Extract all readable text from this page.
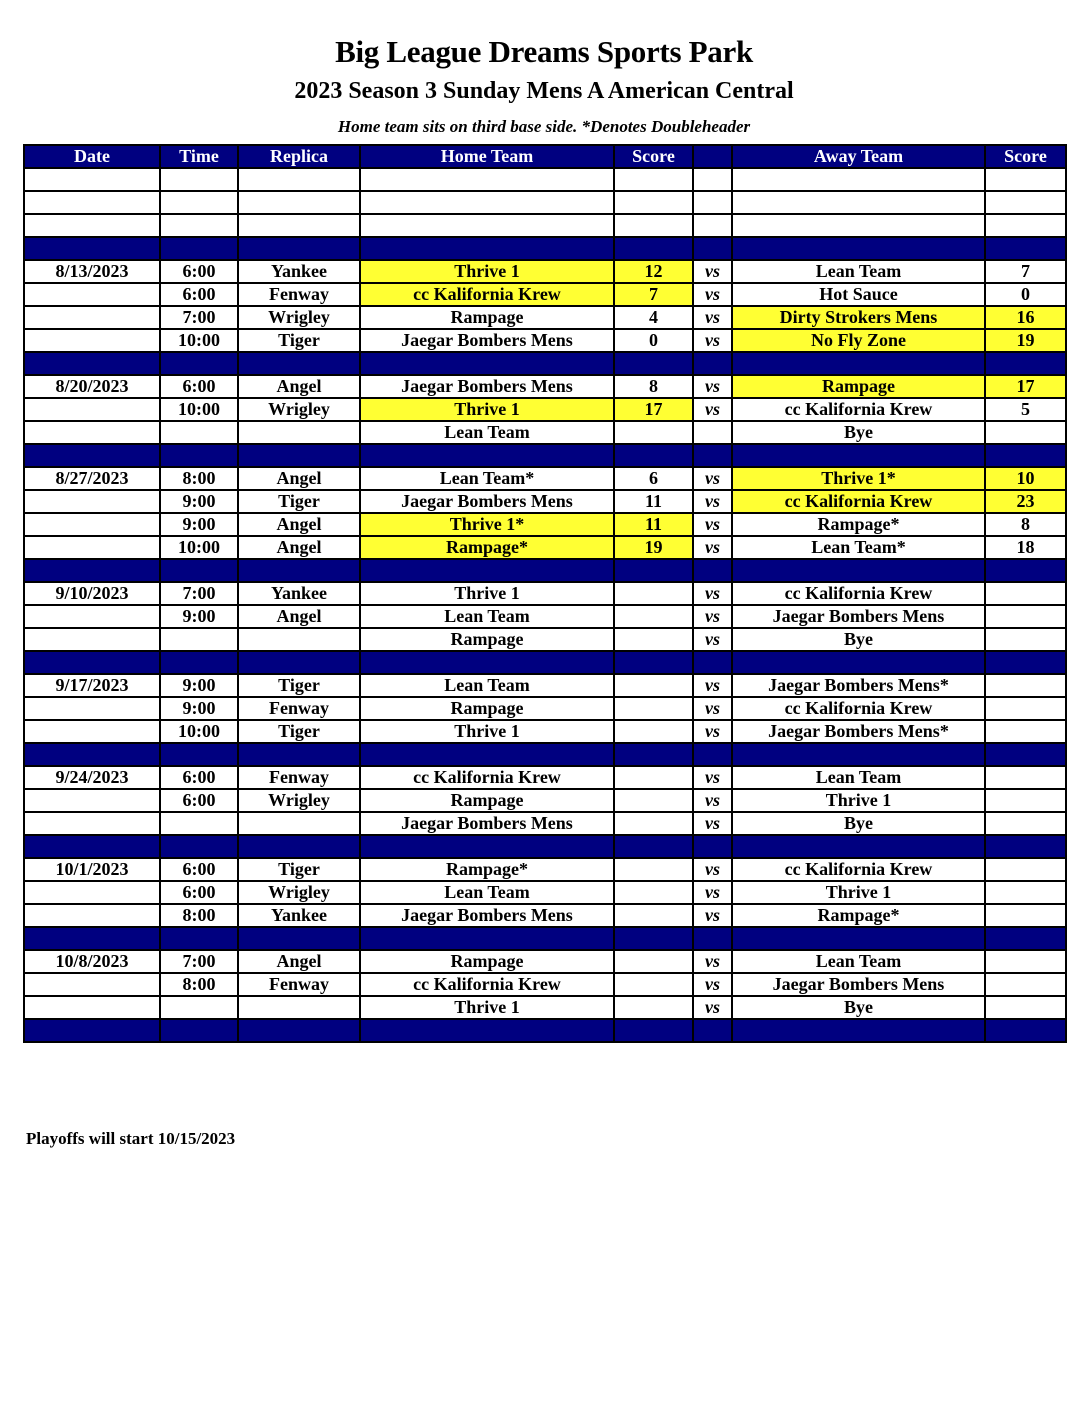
Big League Dreams Sports Park
2023 Season 3 Sunday Mens A American Central
Home team sits on third base side. *Denotes Doubleheader
Date	Time	Replica	Home Team	Score		Away Team	Score

8/13/2023	6:00	Yankee	Thrive 1	12	vs	Lean Team	7
	6:00	Fenway	cc Kalifornia Krew	7	vs	Hot Sauce	0
	7:00	Wrigley	Rampage	4	vs	Dirty Strokers Mens	16
	10:00	Tiger	Jaegar Bombers Mens	0	vs	No Fly Zone	19

8/20/2023	6:00	Angel	Jaegar Bombers Mens	8	vs	Rampage	17
	10:00	Wrigley	Thrive 1	17	vs	cc Kalifornia Krew	5
			Lean Team			Bye	

8/27/2023	8:00	Angel	Lean Team*	6	vs	Thrive 1*	10
	9:00	Tiger	Jaegar Bombers Mens	11	vs	cc Kalifornia Krew	23
	9:00	Angel	Thrive 1*	11	vs	Rampage*	8
	10:00	Angel	Rampage*	19	vs	Lean Team*	18

9/10/2023	7:00	Yankee	Thrive 1		vs	cc Kalifornia Krew	
	9:00	Angel	Lean Team		vs	Jaegar Bombers Mens	
			Rampage		vs	Bye	

9/17/2023	9:00	Tiger	Lean Team		vs	Jaegar Bombers Mens*	
	9:00	Fenway	Rampage		vs	cc Kalifornia Krew	
	10:00	Tiger	Thrive 1		vs	Jaegar Bombers Mens*	

9/24/2023	6:00	Fenway	cc Kalifornia Krew		vs	Lean Team	
	6:00	Wrigley	Rampage		vs	Thrive 1	
			Jaegar Bombers Mens		vs	Bye	

10/1/2023	6:00	Tiger	Rampage*		vs	cc Kalifornia Krew	
	6:00	Wrigley	Lean Team		vs	Thrive 1	
	8:00	Yankee	Jaegar Bombers Mens		vs	Rampage*	

10/8/2023	7:00	Angel	Rampage		vs	Lean Team	
	8:00	Fenway	cc Kalifornia Krew		vs	Jaegar Bombers Mens	
			Thrive 1		vs	Bye	

Playoffs will start 10/15/2023
